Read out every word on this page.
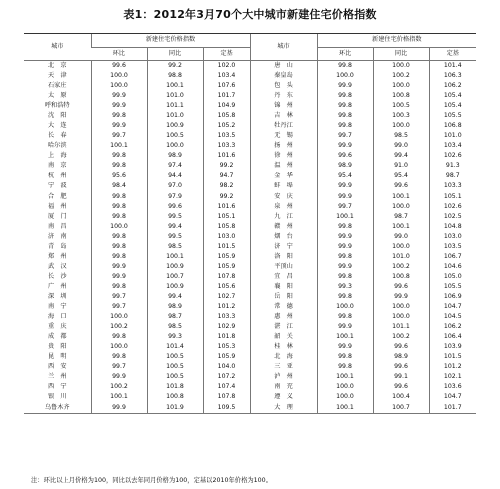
表1：2012年3月70个大中城市新建住宅价格指数
城市	新建住宅价格指数			城市	新建住宅价格指数		
	环比	同比	定基		环比	同比	定基
北　京	99.6	99.2	102.0	唐　山	99.8	100.0	101.4
天　津	100.0	98.8	103.4	秦皇岛	100.0	100.2	106.3
石家庄	100.0	100.1	107.6	包　头	99.9	100.0	106.2
太　原	99.9	101.0	101.7	丹　东	99.8	100.8	105.4
呼和浩特	99.9	101.1	104.9	锦　州	99.8	100.5	105.4
沈　阳	99.8	101.0	105.8	吉　林	99.8	100.3	105.5
大　连	99.9	100.9	105.2	牡丹江	99.8	100.0	106.8
长　春	99.7	100.5	103.5	无　锡	99.7	98.5	101.0
哈尔滨	100.1	100.0	103.3	扬　州	99.9	99.0	103.4
上　海	99.8	98.9	101.6	徐　州	99.6	99.4	102.6
南　京	99.8	97.4	99.2	温　州	98.9	91.0	91.3
杭　州	95.6	94.4	94.7	金　华	95.4	95.4	98.7
宁　波	98.4	97.0	98.2	蚌　埠	99.9	99.6	103.3
合　肥	99.8	97.9	99.2	安　庆	99.9	100.1	105.1
福　州	99.8	99.6	101.6	泉　州	99.7	100.0	102.6
厦　门	99.8	99.5	105.1	九　江	100.1	98.7	102.5
南　昌	100.0	99.4	105.8	赣　州	99.8	100.1	104.8
济　南	99.8	99.5	103.0	烟　台	99.9	99.0	103.0
青　岛	99.8	98.5	101.5	济　宁	99.9	100.0	103.5
郑　州	99.8	100.1	105.9	洛　阳	99.8	101.0	106.7
武　汉	99.9	100.9	105.9	平顶山	99.9	100.2	104.6
长　沙	99.9	100.7	107.8	宜　昌	99.8	100.8	105.0
广　州	99.8	100.9	105.6	襄　阳	99.3	99.6	105.5
深　圳	99.7	99.4	102.7	岳　阳	99.8	99.9	106.9
南　宁	99.7	98.9	101.2	常　德	100.0	100.0	104.7
海　口	100.0	98.7	103.3	惠　州	99.8	100.0	104.5
重　庆	100.2	98.5	102.9	湛　江	99.9	101.1	106.2
成　都	99.8	99.3	101.8	韶　关	100.1	100.2	106.4
贵　阳	100.0	101.4	105.3	桂　林	99.9	99.6	103.9
昆　明	99.8	100.5	105.9	北　海	99.8	98.9	101.5
西　安	99.7	100.5	104.0	三　亚	99.8	99.6	101.2
兰　州	99.9	100.5	107.2	泸　州	100.1	99.1	102.1
西　宁	100.2	101.8	107.4	南　充	100.0	99.6	103.6
银　川	100.1	100.8	107.8	遵　义	100.0	100.4	104.7
乌鲁木齐	99.9	101.9	109.5	大　理	100.1	100.7	101.7
注：环比以上月价格为100，同比以去年同月价格为100，定基以2010年价格为100。
